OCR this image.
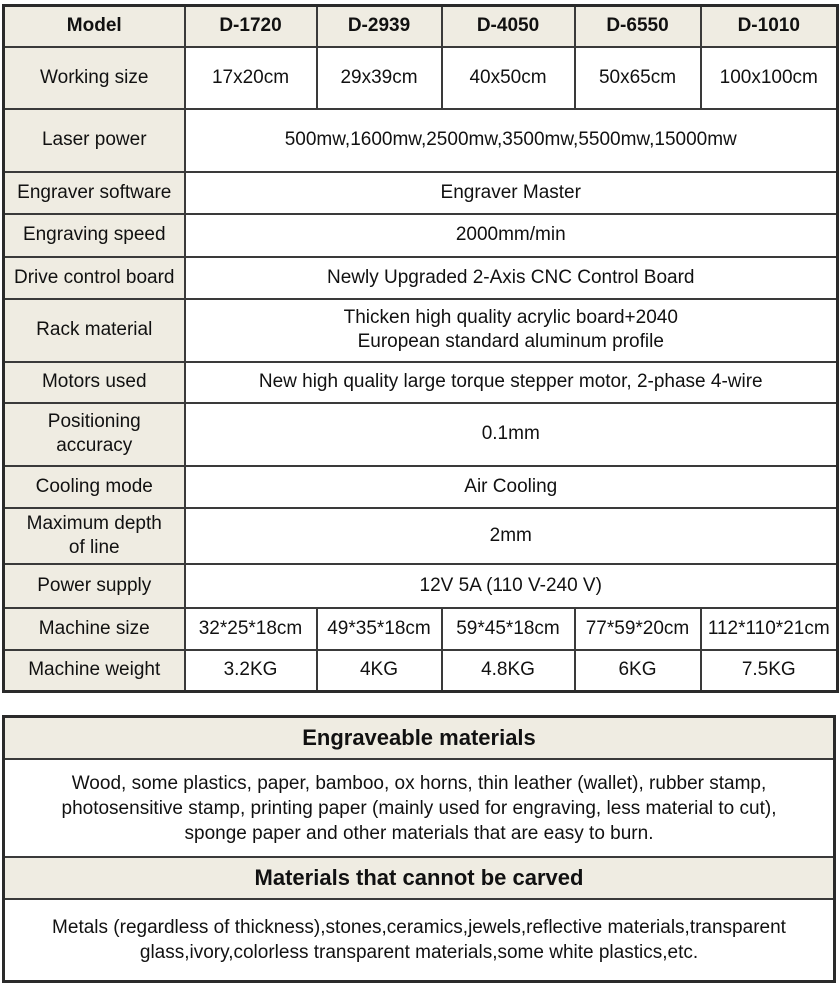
Model	D-1720	D-2939	D-4050	D-6550	D-1010
Working size	17x20cm	29x39cm	40x50cm	50x65cm	100x100cm
Laser power	500mw,1600mw,2500mw,3500mw,5500mw,15000mw				
Engraver software	Engraver Master				
Engraving speed	2000mm/min				
Drive control board	Newly Upgraded 2-Axis CNC Control Board				
Rack material	Thicken high quality acrylic board+2040
European standard aluminum profile				

Motors used	New high quality large torque stepper motor, 2-phase 4-wire				

Positioning
accuracy	0.1mm				
Cooling mode	Air Cooling				

Maximum depth
of line	2mm				
Power supply	12V 5A (110 V-240 V)				
Machine size	32*25*18cm	49*35*18cm	59*45*18cm	77*59*20cm	112*110*21cm
Machine weight	3.2KG	4KG	4.8KG	6KG	7.5KG
Engraveable materials

Wood, some plastics, paper, bamboo, ox horns, thin leather (wallet), rubber stamp,
photosensitive stamp, printing paper (mainly used for engraving, less material to cut),
sponge paper and other materials that are easy to burn.

Materials that cannot be carved

Metals (regardless of thickness),stones,ceramics,jewels,reflective materials,transparent
glass,ivory,colorless transparent materials,some white plastics,etc.
